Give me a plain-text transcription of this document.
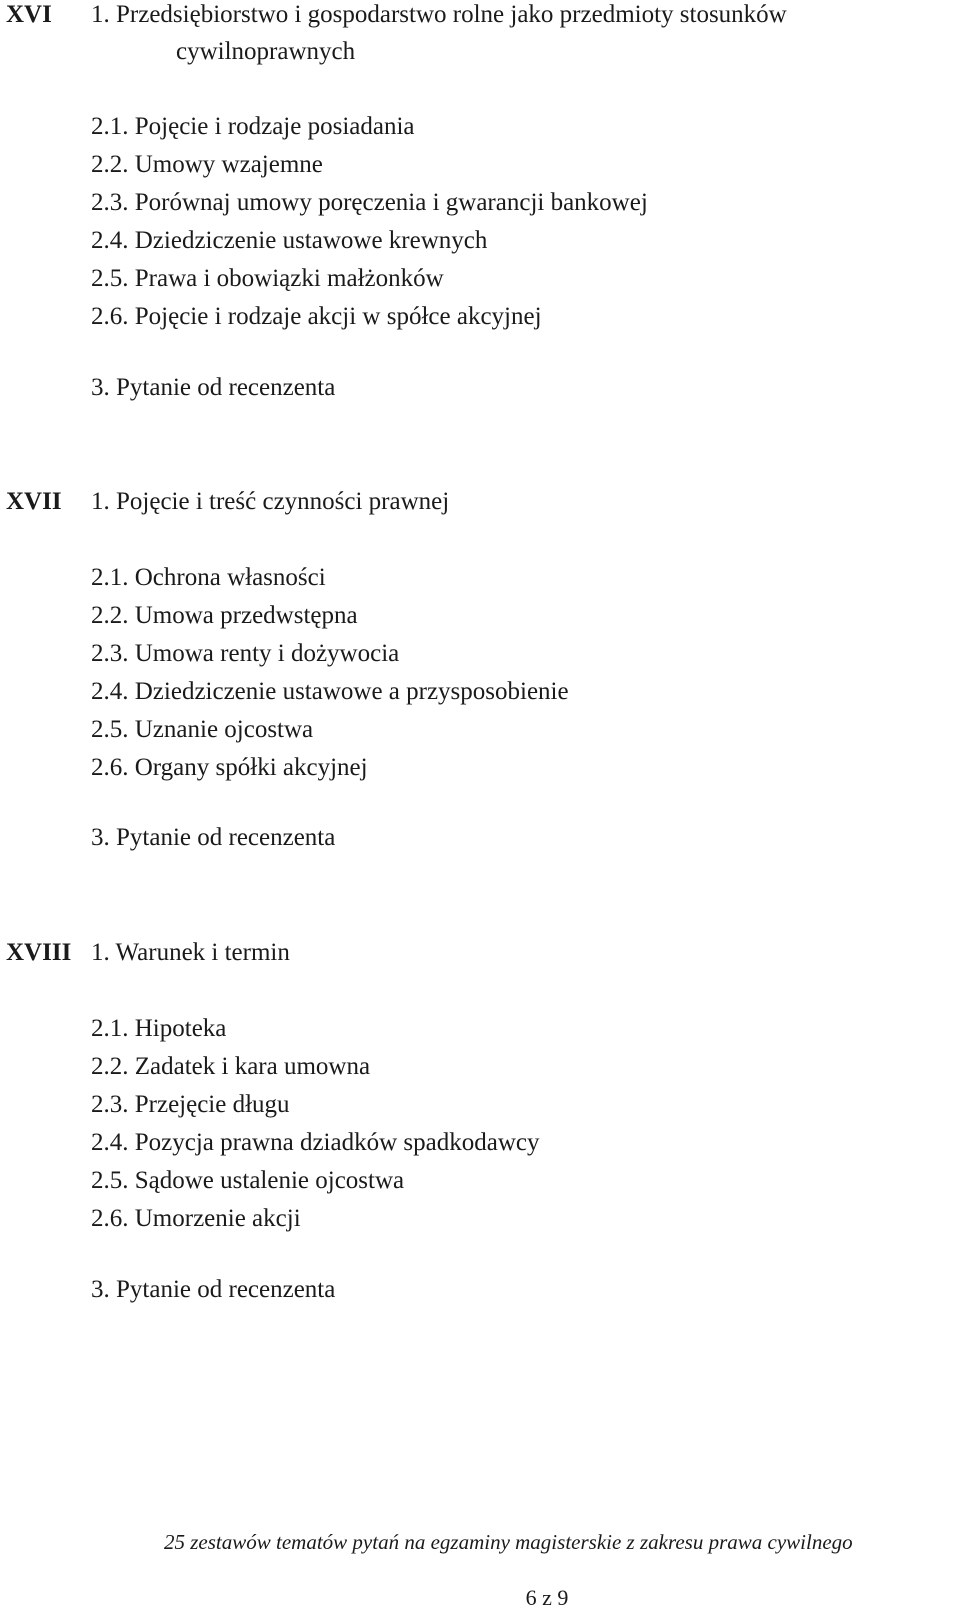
XVI 1. Przedsiębiorstwo i gospodarstwo rolne jako przedmioty stosunków
cywilnoprawnych
2.1. Pojęcie i rodzaje posiadania
2.2. Umowy wzajemne
2.3. Porównaj umowy poręczenia i gwarancji bankowej
2.4. Dziedziczenie ustawowe krewnych
2.5. Prawa i obowiązki małżonków
2.6. Pojęcie i rodzaje akcji w spółce akcyjnej
3. Pytanie od recenzenta
XVII 1. Pojęcie i treść czynności prawnej
2.1. Ochrona własności
2.2. Umowa przedwstępna
2.3. Umowa renty i dożywocia
2.4. Dziedziczenie ustawowe a przysposobienie
2.5. Uznanie ojcostwa
2.6. Organy spółki akcyjnej
3. Pytanie od recenzenta
XVIII 1. Warunek i termin
2.1. Hipoteka
2.2. Zadatek i kara umowna
2.3. Przejęcie długu
2.4. Pozycja prawna dziadków spadkodawcy
2.5. Sądowe ustalenie ojcostwa
2.6. Umorzenie akcji
3. Pytanie od recenzenta
25 zestawów tematów pytań na egzaminy magisterskie z zakresu prawa cywilnego
6 z 9
